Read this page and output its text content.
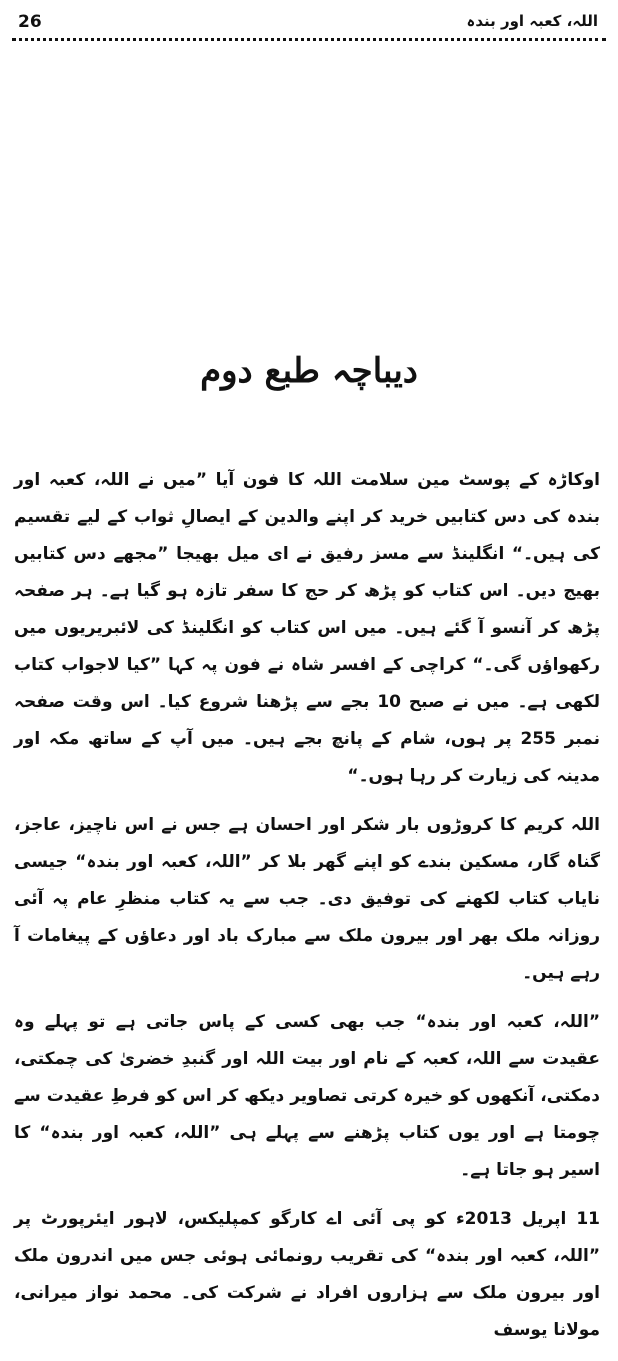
26	اللہ، کعبہ اور بندہ
دیباچہ طبع دوم

اوکاڑہ کے پوسٹ مین سلامت اللہ کا فون آیا ”میں نے اللہ، کعبہ اور بندہ کی دس کتابیں خرید کر اپنے والدین کے ایصالِ ثواب کے لیے تقسیم کی ہیں۔“ انگلینڈ سے مسز رفیق نے ای میل بھیجا ”مجھے دس کتابیں بھیج دیں۔ اس کتاب کو پڑھ کر حج کا سفر تازہ ہو گیا ہے۔ ہر صفحہ پڑھ کر آنسو آ گئے ہیں۔ میں اس کتاب کو انگلینڈ کی لائبریریوں میں رکھواؤں گی۔“ کراچی کے افسر شاہ نے فون پہ کہا ”کیا لاجواب کتاب لکھی ہے۔ میں نے صبح 10 بجے سے پڑھنا شروع کیا۔ اس وقت صفحہ نمبر 255 پر ہوں، شام کے پانچ بجے ہیں۔ میں آپ کے ساتھ مکہ اور مدینہ کی زیارت کر رہا ہوں۔“

اللہ کریم کا کروڑوں بار شکر اور احسان ہے جس نے اس ناچیز، عاجز، گناہ گار، مسکین بندے کو اپنے گھر بلا کر ”اللہ، کعبہ اور بندہ“ جیسی نایاب کتاب لکھنے کی توفیق دی۔ جب سے یہ کتاب منظرِ عام پہ آئی روزانہ ملک بھر اور بیرون ملک سے مبارک باد اور دعاؤں کے پیغامات آ رہے ہیں۔

”اللہ، کعبہ اور بندہ“ جب بھی کسی کے پاس جاتی ہے تو پہلے وہ عقیدت سے اللہ، کعبہ کے نام اور بیت اللہ اور گنبدِ خضریٰ کی چمکتی، دمکتی، آنکھوں کو خیرہ کرتی تصاویر دیکھ کر اس کو فرطِ عقیدت سے چومتا ہے اور یوں کتاب پڑھنے سے پہلے ہی ”اللہ، کعبہ اور بندہ“ کا اسیر ہو جاتا ہے۔

11 اپریل 2013ء کو پی آئی اے کارگو کمپلیکس، لاہور ایئرپورٹ پر ”اللہ، کعبہ اور بندہ“ کی تقریب رونمائی ہوئی جس میں اندرون ملک اور بیرون ملک سے ہزاروں افراد نے شرکت کی۔ محمد نواز میرانی، مولانا یوسف
